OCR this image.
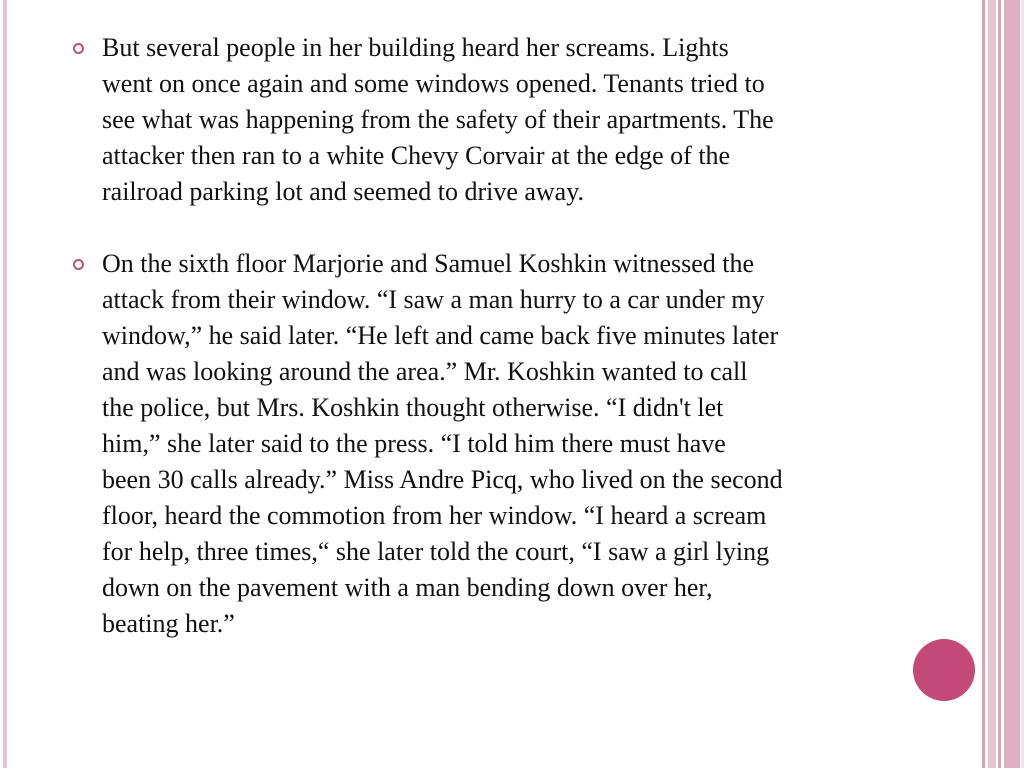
But several people in her building heard her screams. Lights
went on once again and some windows opened. Tenants tried to
see what was happening from the safety of their apartments. The
attacker then ran to a white Chevy Corvair at the edge of the
railroad parking lot and seemed to drive away.
On the sixth floor Marjorie and Samuel Koshkin witnessed the
attack from their window. “I saw a man hurry to a car under my
window,” he said later. “He left and came back five minutes later
and was looking around the area.” Mr. Koshkin wanted to call
the police, but Mrs. Koshkin thought otherwise. “I didn't let
him,” she later said to the press. “I told him there must have
been 30 calls already.” Miss Andre Picq, who lived on the second
floor, heard the commotion from her window. “I heard a scream
for help, three times,“ she later told the court, “I saw a girl lying
down on the pavement with a man bending down over her,
beating her.”
